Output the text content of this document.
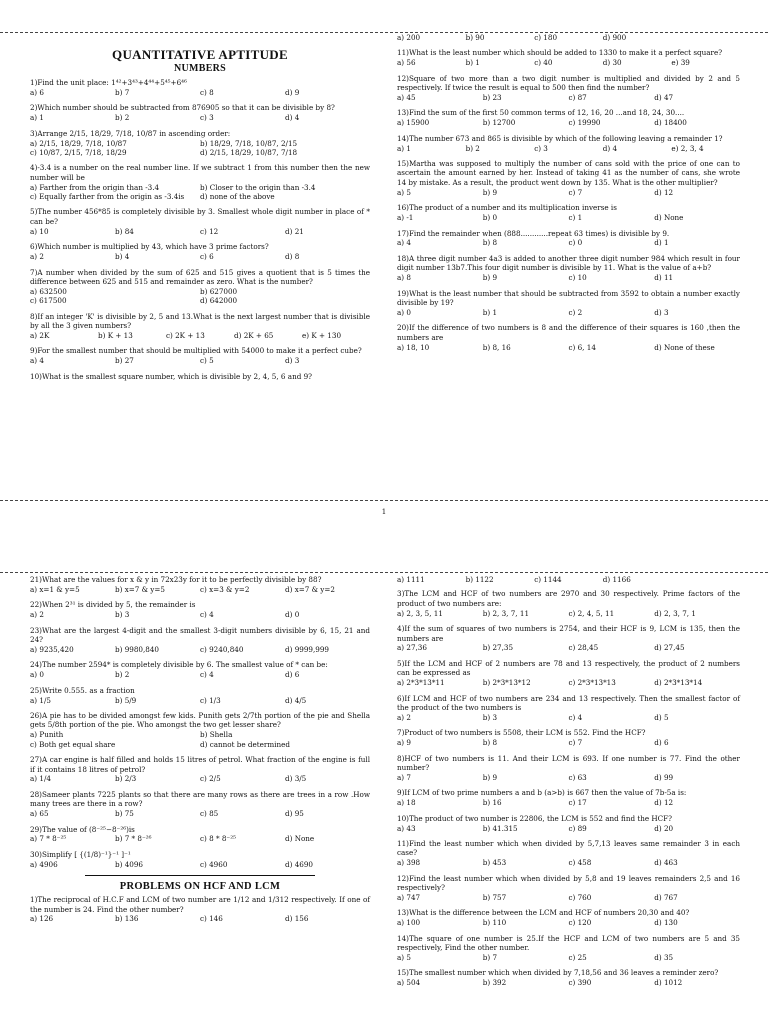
QUANTITATIVE APTITUDE
NUMBERS
1)Find the unit place: 1⁴²+3⁴³+4⁴⁴+5⁴⁵+6⁴⁶
a) 6	b) 7	c) 8	d) 9
2)Which number should be subtracted from 876905 so that it can be divisible by 8?
a) 1	b) 2	c) 3	d) 4
3)Arrange 2/15, 18/29, 7/18, 10/87 in ascending order:
a) 2/15, 18/29, 7/18, 10/87	b) 18/29, 7/18, 10/87, 2/15
c) 10/87, 2/15, 7/18, 18/29	d) 2/15, 18/29, 10/87, 7/18
4)-3.4 is a number on the real number line. If we subtract 1 from this number then the new number will be
a) Farther from the origin than -3.4	b) Closer to the origin than -3.4
c) Equally farther from the origin as -3.4is	d) none of the above
5)The number 456*85 is completely divisible by 3. Smallest whole digit number in place of * can be?
a) 10	b) 84	c) 12	d) 21
6)Which number is multiplied by 43, which have 3 prime factors?
a) 2	b) 4	c) 6	d) 8
7)A number when divided by the sum of 625 and 515 gives a quotient that is 5 times the difference between 625 and 515 and remainder as zero. What is the number?
a) 632500	b) 627000
c) 617500	d) 642000
8)If an integer 'K' is divisible by 2, 5 and 13.What is the next largest number that is divisible by all the 3 given numbers?
a) 2K	b) K + 13	c) 2K + 13	d) 2K + 65	e) K + 130
9)For the smallest number that should be multiplied with 54000 to make it a perfect cube?
a) 4	b) 27	c) 5	d) 3
10)What is the smallest square number, which is divisible by 2, 4, 5, 6 and 9?
a) 200	b) 90	c) 180	d) 900
11)What is the least number which should be added to 1330 to make it a perfect square?
a) 56	b) 1	c) 40	d) 30	e) 39
12)Square of two more than a two digit number is multiplied and divided by 2 and 5 respectively. If twice the result is equal to 500 then find the number?
a) 45	b) 23	c) 87	d) 47
13)Find the sum of the first 50 common terms of 12, 16, 20 ...and 18, 24, 30....
a) 15900	b) 12700	c) 19990	d) 18400
14)The number 673 and 865 is divisible by which of the following leaving a remainder 1?
a) 1	b) 2	c) 3	d) 4	e) 2, 3, 4
15)Martha was supposed to multiply the number of cans sold with the price of one can to ascertain the amount earned by her. Instead of taking 41 as the number of cans, she wrote 14 by mistake. As a result, the product went down by 135. What is the other multiplier?
a) 5	b) 9	c) 7	d) 12
16)The product of a number and its multiplication inverse is
a) -1	b) 0	c) 1	d) None
17)Find the remainder when (888............repeat 63 times) is divisible by 9.
a) 4	b) 8	c) 0	d) 1
18)A three digit number 4a3 is added to another three digit number 984 which result in four digit number 13b7.This four digit number is divisible by 11. What is the value of a+b?
a) 8	b) 9	c) 10	d) 11
19)What is the least number that should be subtracted from 3592 to obtain a number exactly divisible by 19?
a) 0	b) 1	c) 2	d) 3
20)If the difference of two numbers is 8 and the difference of their squares is 160 ,then the numbers are
a) 18, 10	b) 8, 16	c) 6, 14	d) None of these
1
21)What are the values for x & y in 72x23y for it to be perfectly divisible by 88?
a) x=1 & y=5	b) x=7 & y=5	c) x=3 & y=2	d) x=7 & y=2
22)When 2³¹ is divided by 5, the remainder is
a) 2	b) 3	c) 4	d) 0
23)What are the largest 4-digit and the smallest 3-digit numbers divisible by 6, 15, 21 and 24?
a) 9235,420	b) 9980,840	c) 9240,840	d) 9999,999
24)The number 2594* is completely divisible by 6. The smallest value of * can be:
a) 0	b) 2	c) 4	d) 6
25)Write 0.555. as a fraction
a) 1/5	b) 5/9	c) 1/3	d) 4/5
26)A pie has to be divided amongst few kids. Punith gets 2/7th portion of the pie and Shella gets 5/8th portion of the pie. Who amongst the two get lesser share?
a) Punith	b) Shella
c) Both get equal share	d) cannot be determined
27)A car engine is half filled and holds 15 litres of petrol. What fraction of the engine is full if it contains 18 litres of petrol?
a) 1/4	b) 2/3	c) 2/5	d) 3/5
28)Sameer plants 7225 plants so that there are many rows as there are trees in a row .How many trees are there in a row?
a) 65	b) 75	c) 85	d) 95
29)The value of (8⁻²⁵−8⁻²⁶)is
a) 7 * 8⁻²⁵	b) 7 * 8⁻²⁶	c) 8 * 8⁻²⁵	d) None
30)Simplify [ {(1/8)⁻¹}⁻¹ ]⁻¹
a) 4906	b) 4096	c) 4960	d) 4690
PROBLEMS ON HCF AND LCM
1)The reciprocal of H.C.F and LCM of two number are 1/12 and 1/312 respectively. If one of the number is 24. Find the other number?
a) 126	b) 136	c) 146	d) 156
a) 1111	b) 1122	c) 1144	d) 1166
3)The LCM and HCF of two numbers are 2970 and 30 respectively. Prime factors of the product of two numbers are:
a) 2, 3, 5, 11	b) 2, 3, 7, 11	c) 2, 4, 5, 11	d) 2, 3, 7, 1
4)If the sum of squares of two numbers is 2754, and their HCF is 9, LCM is 135, then the numbers are
a) 27,36	b) 27,35	c) 28,45	d) 27,45
5)If the LCM and HCF of 2 numbers are 78 and 13 respectively, the product of 2 numbers can be expressed as
a) 2*3*13*11	b) 2*3*13*12	c) 2*3*13*13	d) 2*3*13*14
6)If LCM and HCF of two numbers are 234 and 13 respectively. Then the smallest factor of the product of the two numbers is
a) 2	b) 3	c) 4	d) 5
7)Product of two numbers is 5508, their LCM is 552. Find the HCF?
a) 9	b) 8	c) 7	d) 6
8)HCF of two numbers is 11. And their LCM is 693. If one number is 77. Find the other number?
a) 7	b) 9	c) 63	d) 99
9)If LCM of two prime numbers a and b (a>b) is 667 then the value of 7b-5a is:
a) 18	b) 16	c) 17	d) 12
10)The product of two number is 22806, the LCM is 552 and find the HCF?
a) 43	b) 41.315	c) 89	d) 20
11)Find the least number which when divided by 5,7,13 leaves same remainder 3 in each case?
a) 398	b) 453	c) 458	d) 463
12)Find the least number which when divided by 5,8 and 19 leaves remainders 2,5 and 16 respectively?
a) 747	b) 757	c) 760	d) 767
13)What is the difference between the LCM and HCF of numbers 20,30 and 40?
a) 100	b) 110	c) 120	d) 130
14)The square of one number is 25.If the HCF and LCM of two numbers are 5 and 35 respectively, Find the other number.
a) 5	b) 7	c) 25	d) 35
15)The smallest number which when divided by 7,18,56 and 36 leaves a reminder zero?
a) 504	b) 392	c) 390	d) 1012
